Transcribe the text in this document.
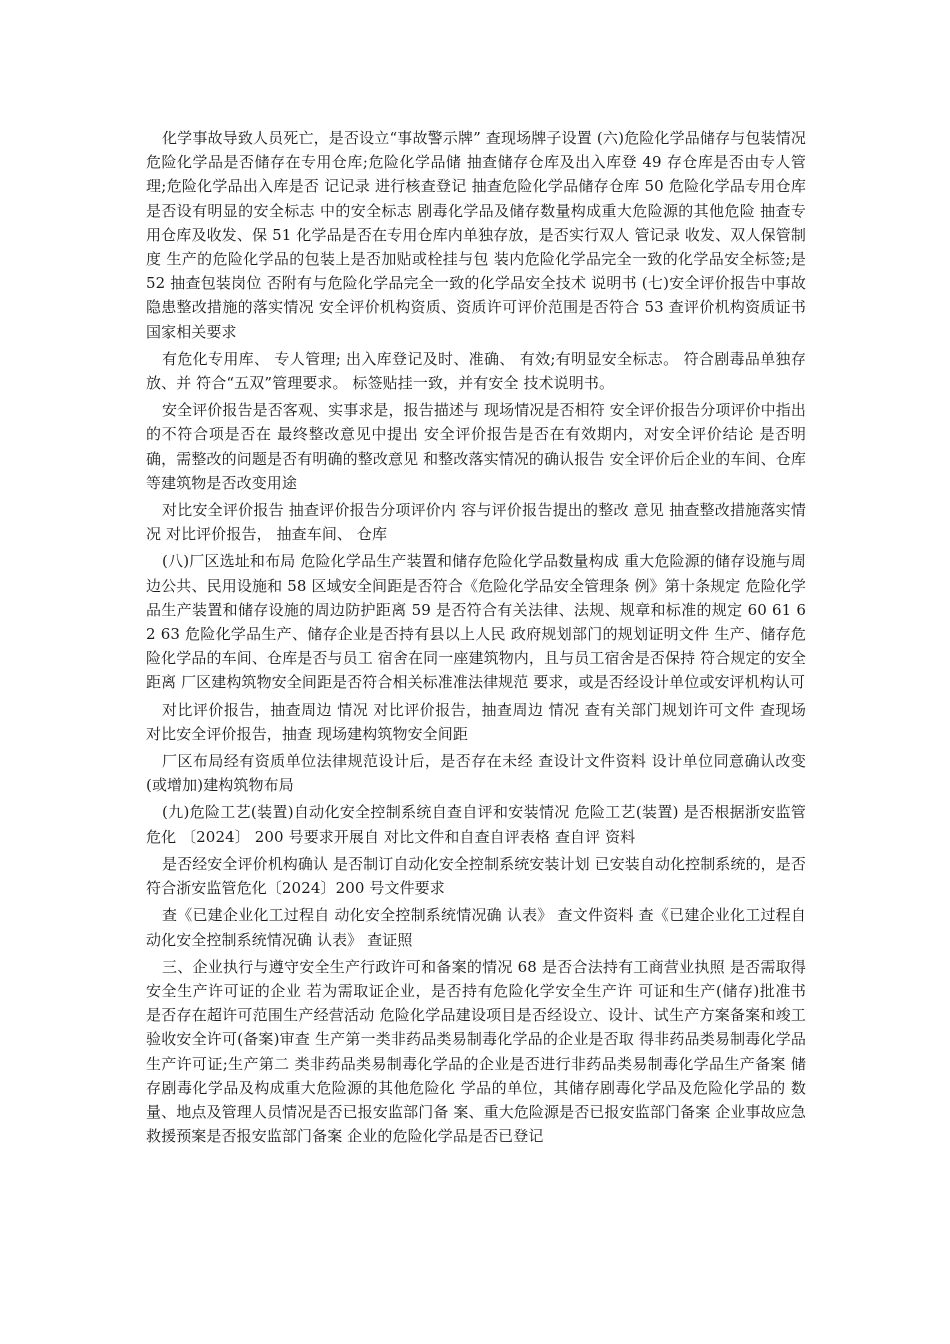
化学事故导致人员死亡，是否设立“事故警示牌” 查现场牌子设置 (六)危险化学品储存与包装情况 危险化学品是否储存在专用仓库;危险化学品储 抽查储存仓库及出入库登 49 存仓库是否由专人管理;危险化学品出入库是否 记记录 进行核查登记 抽查危险化学品储存仓库 50 危险化学品专用仓库是否设有明显的安全标志 中的安全标志 剧毒化学品及储存数量构成重大危险源的其他危险 抽查专用仓库及收发、保 51 化学品是否在专用仓库内单独存放，是否实行双人 管记录 收发、双人保管制度 生产的危险化学品的包装上是否加贴或栓挂与包 装内危险化学品完全一致的化学品安全标签;是 52 抽查包装岗位 否附有与危险化学品完全一致的化学品安全技术 说明书 (七)安全评价报告中事故隐患整改措施的落实情况 安全评价机构资质、资质许可评价范围是否符合 53 查评价机构资质证书 国家相关要求

有危化专用库、 专人管理; 出入库登记及时、准确、 有效;有明显安全标志。 符合剧毒品单独存放、并 符合“五双”管理要求。 标签贴挂一致，并有安全 技术说明书。

安全评价报告是否客观、实事求是，报告描述与 现场情况是否相符 安全评价报告分项评价中指出的不符合项是否在 最终整改意见中提出 安全评价报告是否在有效期内，对安全评价结论 是否明确，需整改的问题是否有明确的整改意见 和整改落实情况的确认报告 安全评价后企业的车间、仓库等建筑物是否改变用途

对比安全评价报告 抽查评价报告分项评价内 容与评价报告提出的整改 意见 抽查整改措施落实情况 对比评价报告， 抽查车间、 仓库

(八)厂区选址和布局 危险化学品生产装置和储存危险化学品数量构成 重大危险源的储存设施与周边公共、民用设施和 58 区域安全间距是否符合《危险化学品安全管理条 例》第十条规定 危险化学品生产装置和储存设施的周边防护距离 59 是否符合有关法律、法规、规章和标准的规定 60 61 62 63 危险化学品生产、储存企业是否持有县以上人民 政府规划部门的规划证明文件 生产、储存危险化学品的车间、仓库是否与员工 宿舍在同一座建筑物内，且与员工宿舍是否保持 符合规定的安全距离 厂区建构筑物安全间距是否符合相关标准准法律规范 要求，或是否经设计单位或安评机构认可

对比评价报告，抽查周边 情况 对比评价报告，抽查周边 情况 查有关部门规划许可文件 查现场 对比安全评价报告，抽查 现场建构筑物安全间距

厂区布局经有资质单位法律规范设计后，是否存在未经 查设计文件资料 设计单位同意确认改变(或增加)建构筑物布局

(九)危险工艺(装置)自动化安全控制系统自查自评和安装情况 危险工艺(装置) 是否根据浙安监管危化 〔2024〕 200 号要求开展自 对比文件和自查自评表格 查自评 资料

是否经安全评价机构确认 是否制订自动化安全控制系统安装计划 已安装自动化控制系统的，是否符合浙安监管危化〔2024〕200 号文件要求

查《已建企业化工过程自 动化安全控制系统情况确 认表》 查文件资料 查《已建企业化工过程自 动化安全控制系统情况确 认表》 查证照

三、企业执行与遵守安全生产行政许可和备案的情况 68 是否合法持有工商营业执照 是否需取得安全生产许可证的企业 若为需取证企业，是否持有危险化学安全生产许 可证和生产(储存)批准书 是否存在超许可范围生产经营活动 危险化学品建设项目是否经设立、设计、试生产方案备案和竣工验收安全许可(备案)审查 生产第一类非药品类易制毒化学品的企业是否取 得非药品类易制毒化学品生产许可证;生产第二 类非药品类易制毒化学品的企业是否进行非药品类易制毒化学品生产备案 储存剧毒化学品及构成重大危险源的其他危险化 学品的单位，其储存剧毒化学品及危险化学品的 数量、地点及管理人员情况是否已报安监部门备 案、重大危险源是否已报安监部门备案 企业事故应急救援预案是否报安监部门备案 企业的危险化学品是否已登记
